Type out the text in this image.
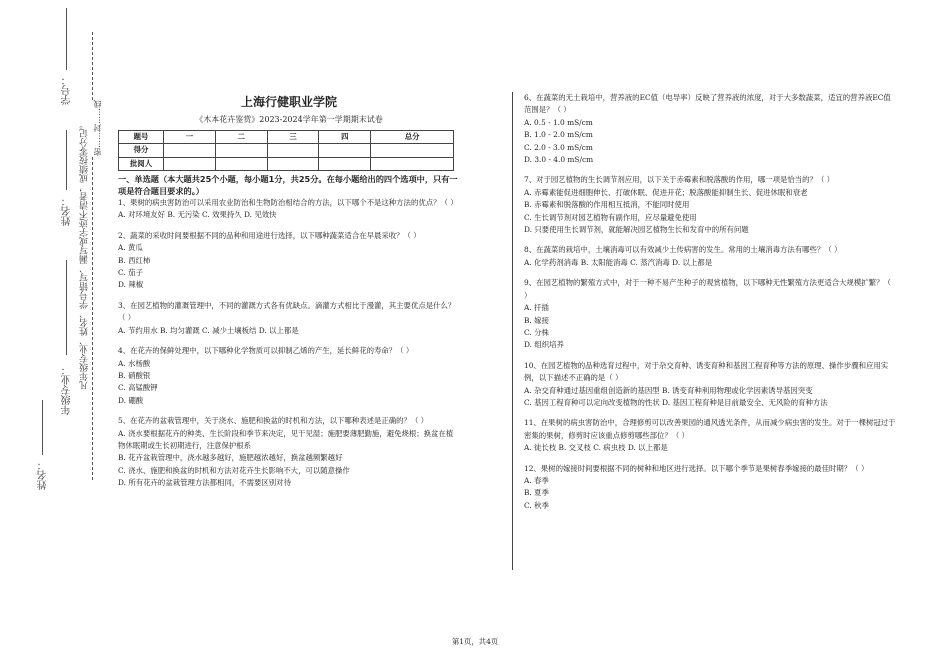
学号：
姓名：
年级专业：
姓名：
凡年级专业、姓名、学号错写、漏写或字迹不清者，成绩按零分记。 密……封……线	上海行健职业学院
《木本花卉鉴赏》2023-2024学年第一学期期末试卷
题号	一	二	三	四	总分
得分					
批阅人					
一、单选题（本大题共25个小题，每小题1分，共25分。在每小题给出的四个选项中，只有一项是符合题目要求的。）

1、果树的病虫害防治可以采用农业防治和生物防治相结合的方法，以下哪个不是这种方法的优点？（ ）

A. 对环境友好 B. 无污染 C. 效果持久 D. 见效快

2、蔬菜的采收时间要根据不同的品种和用途进行选择，以下哪种蔬菜适合在早晨采收？（ ）

A. 黄瓜

B. 西红柿

C. 茄子

D. 辣椒

3、在园艺植物的灌溉管理中，不同的灌溉方式各有优缺点。滴灌方式相比于漫灌，其主要优点是什么？（ ）

A. 节约用水 B. 均匀灌溉 C. 减少土壤板结 D. 以上都是

4、在花卉的保鲜处理中，以下哪种化学物质可以抑制乙烯的产生，延长鲜花的寿命？（ ）

A. 水杨酸

B. 硝酸银

C. 高锰酸钾

D. 硼酸

5、在花卉的盆栽管理中，关于浇水、施肥和换盆的时机和方法，以下哪种表述是正确的？（ ）

A. 浇水要根据花卉的种类、生长阶段和季节来决定，见干见湿；施肥要薄肥勤施，避免烧根；换盆在植物休眠期或生长初期进行，注意保护根系

B. 花卉盆栽管理中，浇水越多越好，施肥越浓越好，换盆越频繁越好

C. 浇水、施肥和换盆的时机和方法对花卉生长影响不大，可以随意操作

D. 所有花卉的盆栽管理方法都相同，不需要区别对待

6、在蔬菜的无土栽培中，营养液的EC值（电导率）反映了营养液的浓度，对于大多数蔬菜，适宜的营养液EC值范围是？（ ）

A. 0.5 - 1.0 mS/cm

B. 1.0 - 2.0 mS/cm

C. 2.0 - 3.0 mS/cm

D. 3.0 - 4.0 mS/cm

7、对于园艺植物的生长调节剂应用，以下关于赤霉素和脱落酸的作用，哪一项是恰当的？（ ）

A. 赤霉素能促进细胞伸长、打破休眠、促进开花；脱落酸能抑制生长、促进休眠和衰老

B. 赤霉素和脱落酸的作用相互抵消，不能同时使用

C. 生长调节剂对园艺植物有副作用，应尽量避免使用

D. 只要使用生长调节剂，就能解决园艺植物生长和发育中的所有问题

8、在蔬菜的栽培中，土壤消毒可以有效减少土传病害的发生。常用的土壤消毒方法有哪些？（ ）

A. 化学药剂消毒 B. 太阳能消毒 C. 蒸汽消毒 D. 以上都是

9、在园艺植物的繁殖方式中，对于一种不易产生种子的观赏植物，以下哪种无性繁殖方法更适合大规模扩繁？（ ）

A. 扦插

B. 嫁接

C. 分株

D. 组织培养

10、在园艺植物的品种选育过程中，对于杂交育种、诱变育种和基因工程育种等方法的原理、操作步骤和应用实例，以下描述不正确的是（ ）

A. 杂交育种通过基因重组创造新的基因型 B. 诱变育种利用物理或化学因素诱导基因突变

C. 基因工程育种可以定向改变植物的性状 D. 基因工程育种是目前最安全、无风险的育种方法

11、在果树的病虫害防治中，合理修剪可以改善果园的通风透光条件，从而减少病虫害的发生。对于一棵树冠过于密集的果树，修剪时应该重点修剪哪些部位？（ ）

A. 徒长枝 B. 交叉枝 C. 病虫枝 D. 以上都是

12、果树的嫁接时间要根据不同的树种和地区进行选择。以下哪个季节是果树春季嫁接的最佳时期？（ ）

A. 春季

B. 夏季

C. 秋季

第1页，共4页
